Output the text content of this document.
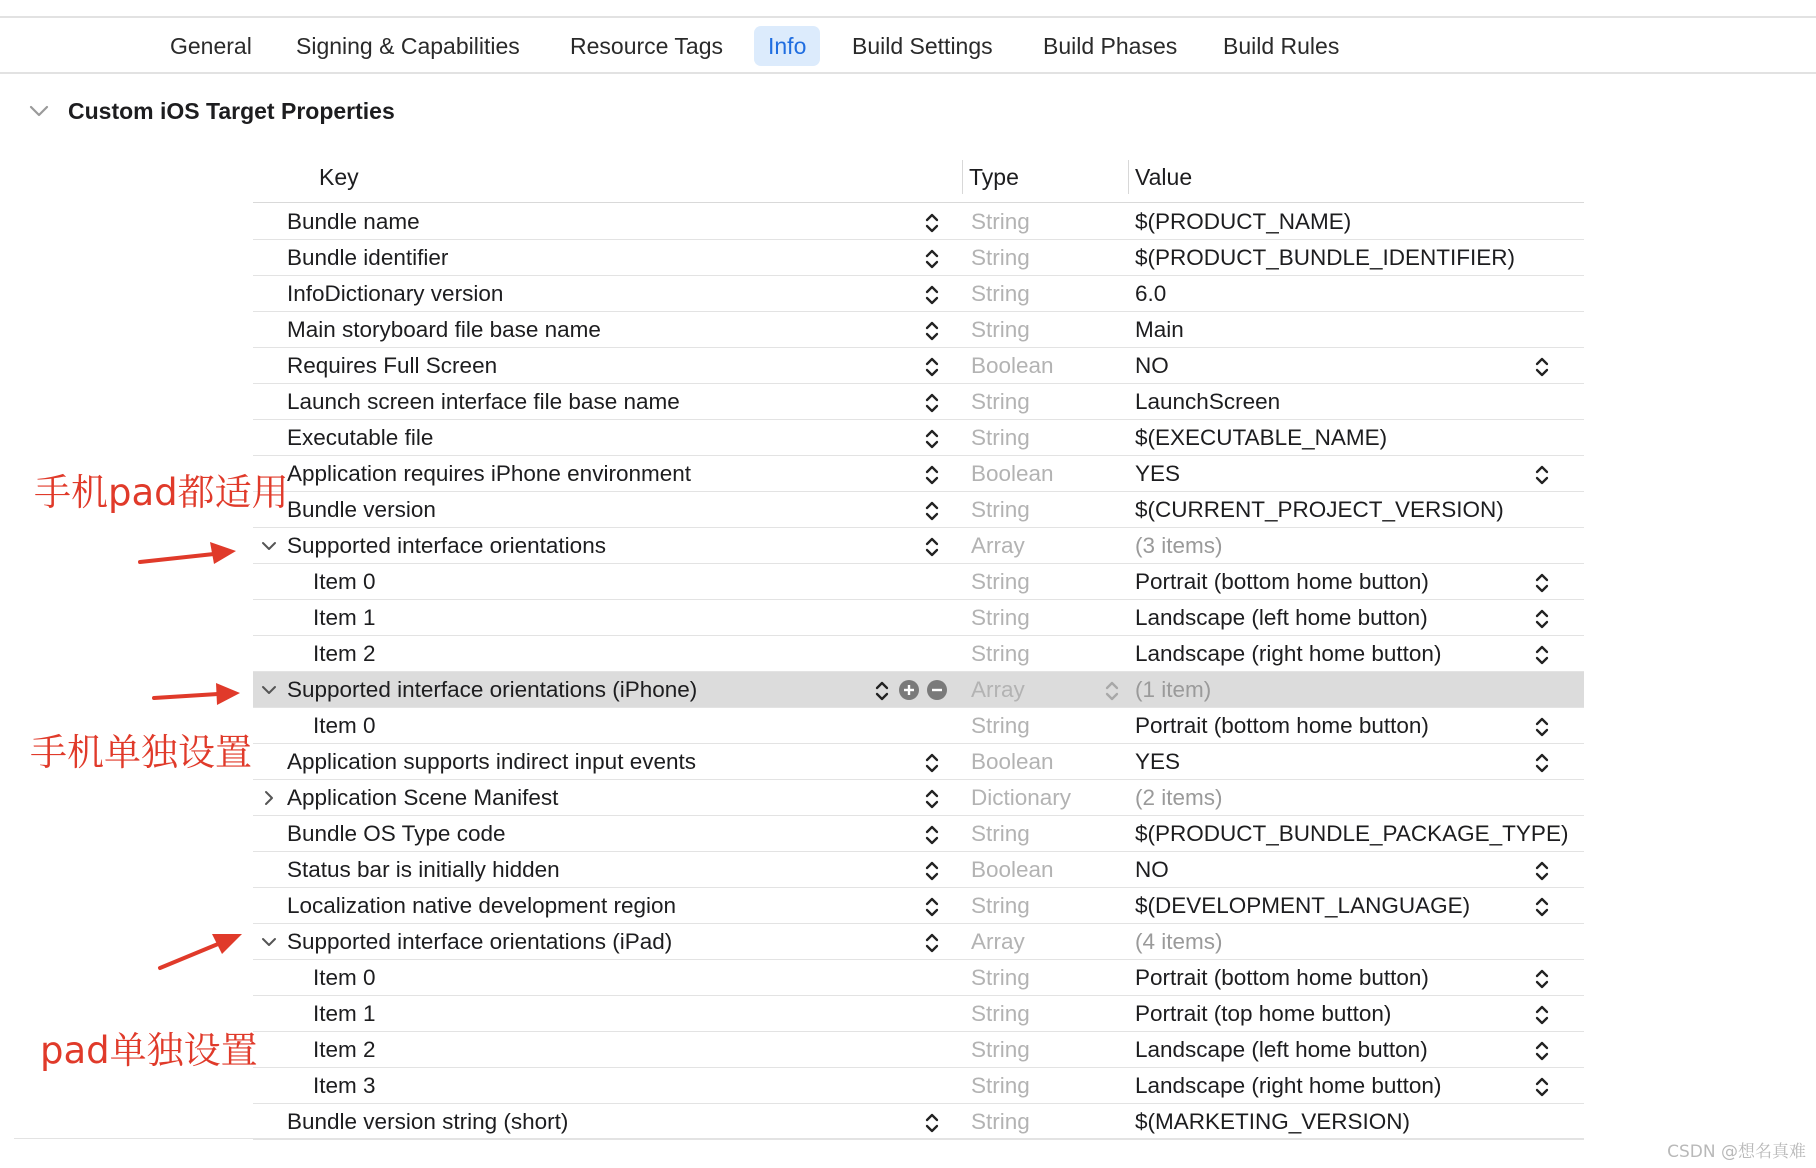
General	Signing & Capabilities	Resource Tags	Info	Build Settings	Build Phases	Build Rules
Custom iOS Target Properties
Key	Type	Value
Bundle name	String	$(PRODUCT_NAME)
Bundle identifier	String	$(PRODUCT_BUNDLE_IDENTIFIER)
InfoDictionary version	String	6.0
Main storyboard file base name	String	Main
Requires Full Screen	Boolean	NO
Launch screen interface file base name	String	LaunchScreen
Executable file	String	$(EXECUTABLE_NAME)
Application requires iPhone environment	Boolean	YES
Bundle version	String	$(CURRENT_PROJECT_VERSION)
Supported interface orientations	Array	(3 items)
Item 0	String	Portrait (bottom home button)
Item 1	String	Landscape (left home button)
Item 2	String	Landscape (right home button)
Supported interface orientations (iPhone)	Array	(1 item)
Item 0	String	Portrait (bottom home button)
Application supports indirect input events	Boolean	YES
Application Scene Manifest	Dictionary	(2 items)
Bundle OS Type code	String	$(PRODUCT_BUNDLE_PACKAGE_TYPE)
Status bar is initially hidden	Boolean	NO
Localization native development region	String	$(DEVELOPMENT_LANGUAGE)
Supported interface orientations (iPad)	Array	(4 items)
Item 0	String	Portrait (bottom home button)
Item 1	String	Portrait (top home button)
Item 2	String	Landscape (left home button)
Item 3	String	Landscape (right home button)
Bundle version string (short)	String	$(MARKETING_VERSION)
手机pad都适用
手机单独设置
pad单独设置
CSDN @想名真难
